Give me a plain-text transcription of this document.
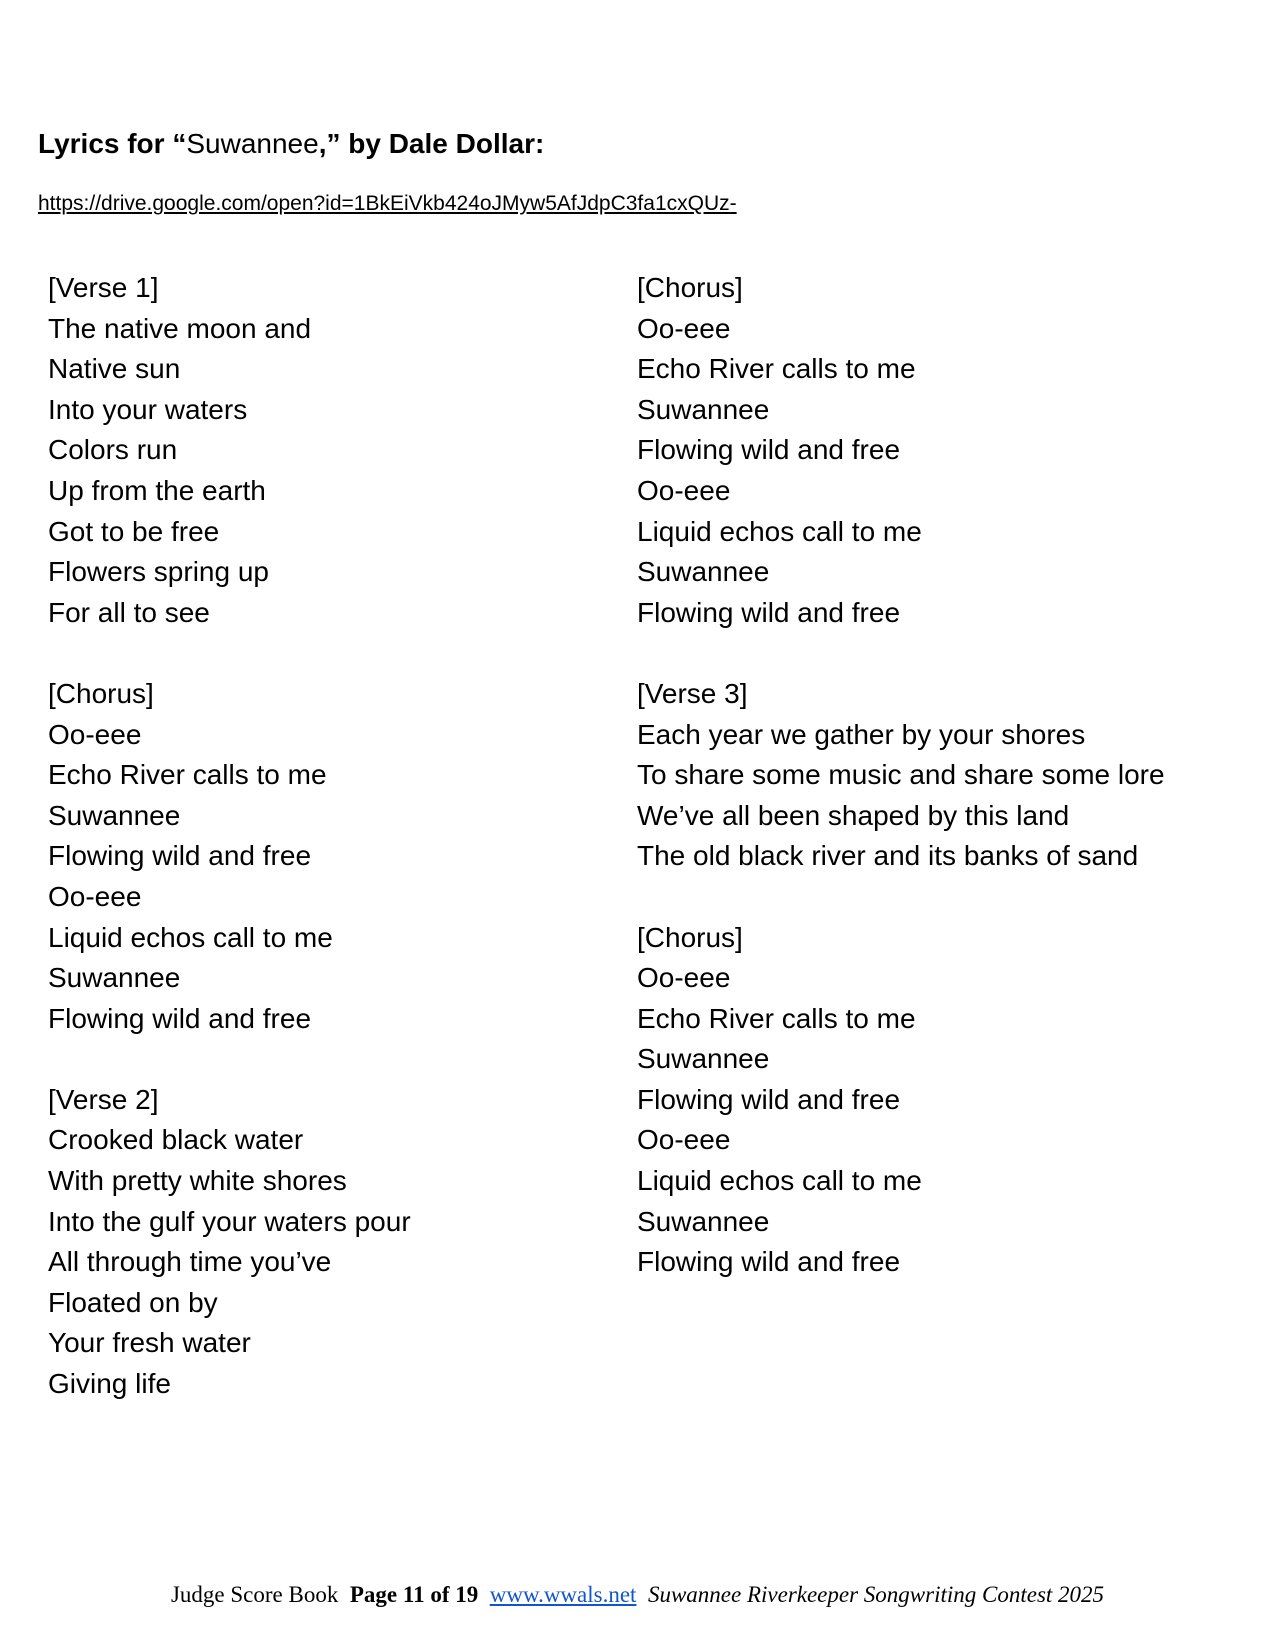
Lyrics for “Suwannee,” by Dale Dollar:
https://drive.google.com/open?id=1BkEiVkb424oJMyw5AfJdpC3fa1cxQUz-
[Verse 1]
The native moon and
Native sun
Into your waters
Colors run
Up from the earth
Got to be free
Flowers spring up
For all to see
[Chorus]
Oo-eee
Echo River calls to me
Suwannee
Flowing wild and free
Oo-eee
Liquid echos call to me
Suwannee
Flowing wild and free
[Verse 2]
Crooked black water
With pretty white shores
Into the gulf your waters pour
All through time you’ve
Floated on by
Your fresh water
Giving life
[Chorus]
Oo-eee
Echo River calls to me
Suwannee
Flowing wild and free
Oo-eee
Liquid echos call to me
Suwannee
Flowing wild and free
[Verse 3]
Each year we gather by your shores
To share some music and share some lore
We’ve all been shaped by this land
The old black river and its banks of sand
[Chorus]
Oo-eee
Echo River calls to me
Suwannee
Flowing wild and free
Oo-eee
Liquid echos call to me
Suwannee
Flowing wild and free
Judge Score Book Page 11 of 19 www.wwals.net Suwannee Riverkeeper Songwriting Contest 2025
